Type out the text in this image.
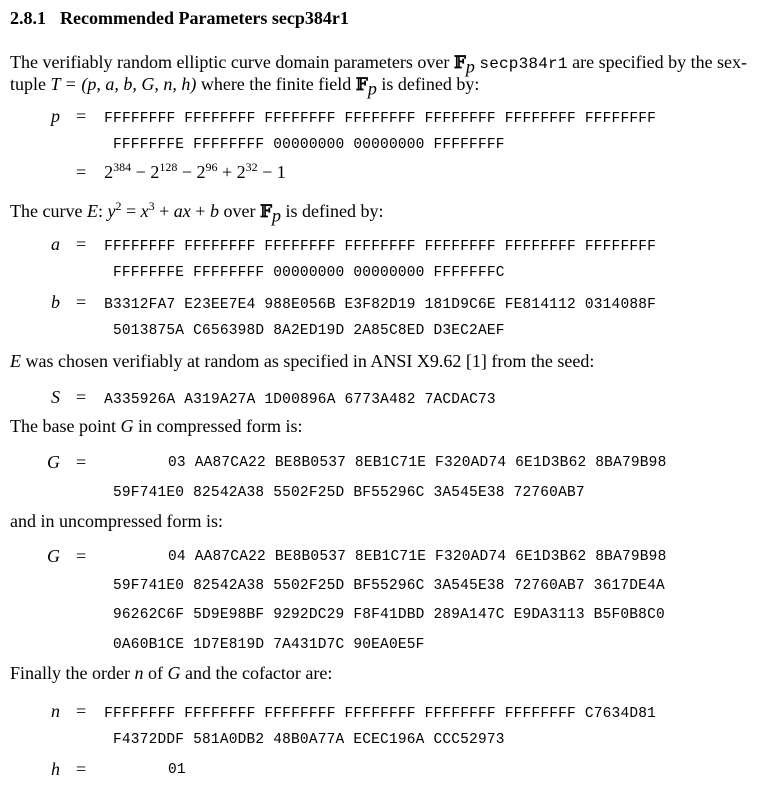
2.8.1 Recommended Parameters secp384r1
The verifiably random elliptic curve domain parameters over 𝔽$_p$ secp384r1 are specified by the sex-
tuple T = (p, a, b, G, n, h) where the finite field 𝔽$_p$ is defined by:
p = FFFFFFFF FFFFFFFF FFFFFFFF FFFFFFFF FFFFFFFF FFFFFFFF FFFFFFFF
FFFFFFFE FFFFFFFF 00000000 00000000 FFFFFFFF
= $2^{384} - 2^{128} - 2^{96} + 2^{32} - 1$
The curve E: $y^2 = x^3$ + ax + b over 𝔽$_p$ is defined by:
a = FFFFFFFF FFFFFFFF FFFFFFFF FFFFFFFF FFFFFFFF FFFFFFFF FFFFFFFF
FFFFFFFE FFFFFFFF 00000000 00000000 FFFFFFFC
b = B3312FA7 E23EE7E4 988E056B E3F82D19 181D9C6E FE814112 0314088F
5013875A C656398D 8A2ED19D 2A85C8ED D3EC2AEF
E was chosen verifiably at random as specified in ANSI X9.62 [1] from the seed:
S = A335926A A319A27A 1D00896A 6773A482 7ACDAC73
The base point G in compressed form is:
G =	03 AA87CA22 BE8B0537 8EB1C71E F320AD74 6E1D3B62 8BA79B98
59F741E0 82542A38 5502F25D BF55296C 3A545E38 72760AB7
and in uncompressed form is:
G =	04 AA87CA22 BE8B0537 8EB1C71E F320AD74 6E1D3B62 8BA79B98
59F741E0 82542A38 5502F25D BF55296C 3A545E38 72760AB7 3617DE4A
96262C6F 5D9E98BF 9292DC29 F8F41DBD 289A147C E9DA3113 B5F0B8C0
0A60B1CE 1D7E819D 7A431D7C 90EA0E5F
Finally the order n of G and the cofactor are:
n = FFFFFFFF FFFFFFFF FFFFFFFF FFFFFFFF FFFFFFFF FFFFFFFF C7634D81
F4372DDF 581A0DB2 48B0A77A ECEC196A CCC52973
h =	01
